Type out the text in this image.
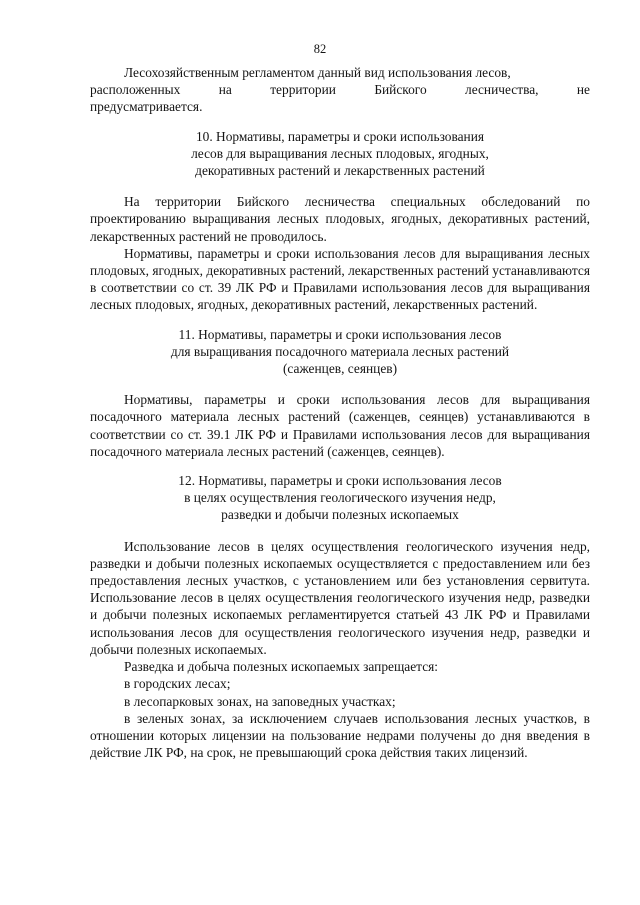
82

Лесохозяйственным регламентом данный вид использования лесов,

расположенных на территории Бийского лесничества, не

предусматривается.

10. Нормативы, параметры и сроки использования

лесов для выращивания лесных плодовых, ягодных,

декоративных растений и лекарственных растений

На территории Бийского лесничества специальных обследований по проектированию выращивания лесных плодовых, ягодных, декоративных растений, лекарственных растений не проводилось.

Нормативы, параметры и сроки использования лесов для выращивания лесных плодовых, ягодных, декоративных растений, лекарственных растений устанавливаются в соответствии со ст. 39 ЛК РФ и Правилами использования лесов для выращивания лесных плодовых, ягодных, декоративных растений, лекарственных растений.

11. Нормативы, параметры и сроки использования лесов

для выращивания посадочного материала лесных растений

(саженцев, сеянцев)

Нормативы, параметры и сроки использования лесов для выращивания посадочного материала лесных растений (саженцев, сеянцев) устанавливаются в соответствии со ст. 39.1 ЛК РФ и Правилами использования лесов для выращивания посадочного материала лесных растений (саженцев, сеянцев).

12. Нормативы, параметры и сроки использования лесов

в целях осуществления геологического изучения недр,

разведки и добычи полезных ископаемых

Использование лесов в целях осуществления геологического изучения недр, разведки и добычи полезных ископаемых осуществляется с предоставлением или без предоставления лесных участков, с установлением или без установления сервитута. Использование лесов в целях осуществления геологического изучения недр, разведки и добычи полезных ископаемых регламентируется статьей 43 ЛК РФ и Правилами использования лесов для осуществления геологического изучения недр, разведки и добычи полезных ископаемых.

Разведка и добыча полезных ископаемых запрещается:

в городских лесах;

в лесопарковых зонах, на заповедных участках;

в зеленых зонах, за исключением случаев использования лесных участков, в отношении которых лицензии на пользование недрами получены до дня введения в действие ЛК РФ, на срок, не превышающий срока действия таких лицензий.
